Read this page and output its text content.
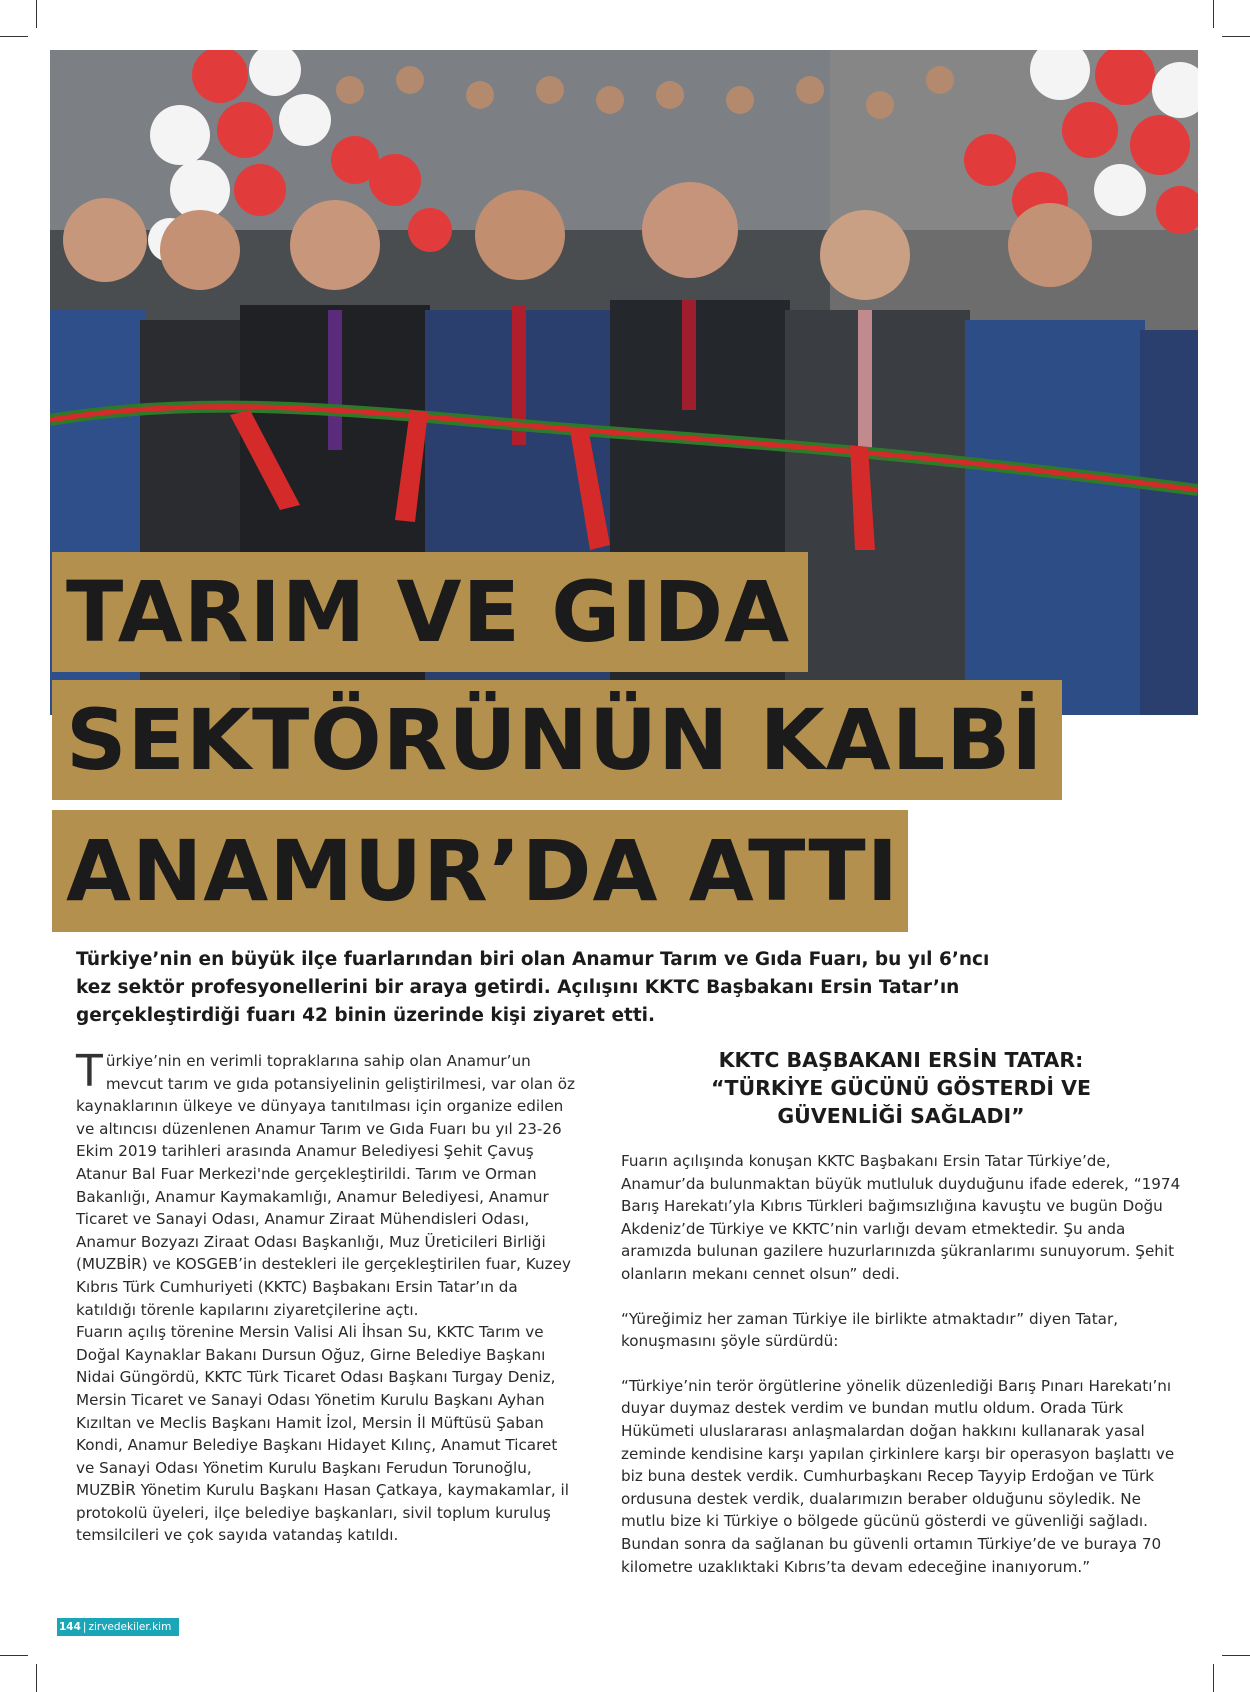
TARIM VE GIDA
SEKTÖRÜNÜN KALBİ
ANAMUR’DA ATTI
Türkiye’nin en büyük ilçe fuarlarından biri olan Anamur Tarım ve Gıda Fuarı, bu yıl 6’ncı kez sektör profesyonellerini bir araya getirdi. Açılışını KKTC Başbakanı Ersin Tatar’ın gerçekleştirdiği fuarı 42 binin üzerinde kişi ziyaret etti.

Türkiye’nin en verimli topraklarına sahip olan Anamur’un mevcut tarım ve gıda potansiyelinin geliştirilmesi, var olan öz kaynaklarının ülkeye ve dünyaya tanıtılması için organize edilen ve altıncısı düzenlenen Anamur Tarım ve Gıda Fuarı bu yıl 23-26 Ekim 2019 tarihleri arasında Anamur Belediyesi Şehit Çavuş Atanur Bal Fuar Merkezi'nde gerçekleştirildi. Tarım ve Orman Bakanlığı, Anamur Kaymakamlığı, Anamur Belediyesi, Anamur Ticaret ve Sanayi Odası, Anamur Ziraat Mühendisleri Odası, Anamur Bozyazı Ziraat Odası Başkanlığı, Muz Üreticileri Birliği (MUZBİR) ve KOSGEB’in destekleri ile gerçekleştirilen fuar, Kuzey Kıbrıs Türk Cumhuriyeti (KKTC) Başbakanı Ersin Tatar’ın da katıldığı törenle kapılarını ziyaretçilerine açtı.

Fuarın açılış törenine Mersin Valisi Ali İhsan Su, KKTC Tarım ve Doğal Kaynaklar Bakanı Dursun Oğuz, Girne Belediye Başkanı Nidai Güngördü, KKTC Türk Ticaret Odası Başkanı Turgay Deniz, Mersin Ticaret ve Sanayi Odası Yönetim Kurulu Başkanı Ayhan Kızıltan ve Meclis Başkanı Hamit İzol, Mersin İl Müftüsü Şaban Kondi, Anamur Belediye Başkanı Hidayet Kılınç, Anamut Ticaret ve Sanayi Odası Yönetim Kurulu Başkanı Ferudun Torunoğlu, MUZBİR Yönetim Kurulu Başkanı Hasan Çatkaya, kaymakamlar, il protokolü üyeleri, ilçe belediye başkanları, sivil toplum kuruluş temsilcileri ve çok sayıda vatandaş katıldı.

KKTC BAŞBAKANI ERSİN TATAR:
“TÜRKİYE GÜCÜNÜ GÖSTERDİ VE
GÜVENLİĞİ SAĞLADI”

Fuarın açılışında konuşan KKTC Başbakanı Ersin Tatar Türkiye’de, Anamur’da bulunmaktan büyük mutluluk duyduğunu ifade ederek, “1974 Barış Harekatı’yla Kıbrıs Türkleri bağımsızlığına kavuştu ve bugün Doğu Akdeniz’de Türkiye ve KKTC’nin varlığı devam etmektedir. Şu anda aramızda bulunan gazilere huzurlarınızda şükranlarımı sunuyorum. Şehit olanların mekanı cennet olsun” dedi.

“Yüreğimiz her zaman Türkiye ile birlikte atmaktadır” diyen Tatar, konuşmasını şöyle sürdürdü:

“Türkiye’nin terör örgütlerine yönelik düzenlediği Barış Pınarı Harekatı’nı duyar duymaz destek verdim ve bundan mutlu oldum. Orada Türk Hükümeti uluslararası anlaşmalardan doğan hakkını kullanarak yasal zeminde kendisine karşı yapılan çirkinlere karşı bir operasyon başlattı ve biz buna destek verdik. Cumhurbaşkanı Recep Tayyip Erdoğan ve Türk ordusuna destek verdik, dualarımızın beraber olduğunu söyledik. Ne mutlu bize ki Türkiye o bölgede gücünü gösterdi ve güvenliği sağladı. Bundan sonra da sağlanan bu güvenli ortamın Türkiye’de ve buraya 70 kilometre uzaklıktaki Kıbrıs’ta devam edeceğine inanıyorum.”

144 | zirvedekiler.kim
